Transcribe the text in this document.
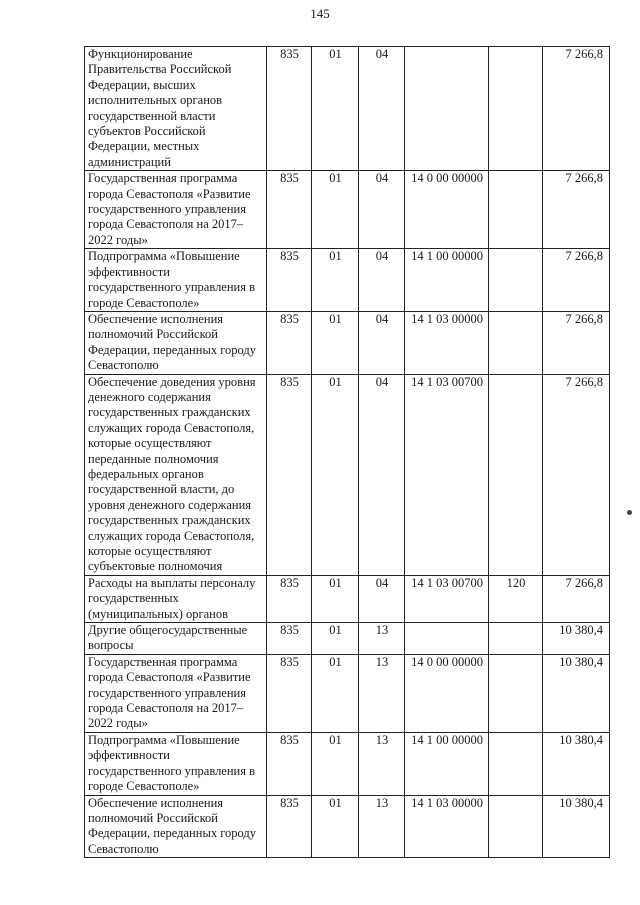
145
Функционирование Правительства Российской Федерации, высших исполнительных органов государственной власти субъектов Российской Федерации, местных администраций	835	01	04			7 266,8
Государственная программа города Севастополя «Развитие государственного управления города Севастополя на 2017–2022 годы»	835	01	04	14 0 00 00000		7 266,8
Подпрограмма «Повышение эффективности государственного управления в городе Севастополе»	835	01	04	14 1 00 00000		7 266,8
Обеспечение исполнения полномочий Российской Федерации, переданных городу Севастополю	835	01	04	14 1 03 00000		7 266,8
Обеспечение доведения уровня денежного содержания государственных гражданских служащих города Севастополя, которые осуществляют переданные полномочия федеральных органов государственной власти, до уровня денежного содержания государственных гражданских служащих города Севастополя, которые осуществляют субъектовые полномочия	835	01	04	14 1 03 00700		7 266,8
Расходы на выплаты персоналу государственных (муниципальных) органов	835	01	04	14 1 03 00700	120	7 266,8
Другие общегосударственные вопросы	835	01	13			10 380,4
Государственная программа города Севастополя «Развитие государственного управления города Севастополя на 2017–2022 годы»	835	01	13	14 0 00 00000		10 380,4
Подпрограмма «Повышение эффективности государственного управления в городе Севастополе»	835	01	13	14 1 00 00000		10 380,4
Обеспечение исполнения полномочий Российской Федерации, переданных городу Севастополю	835	01	13	14 1 03 00000		10 380,4
